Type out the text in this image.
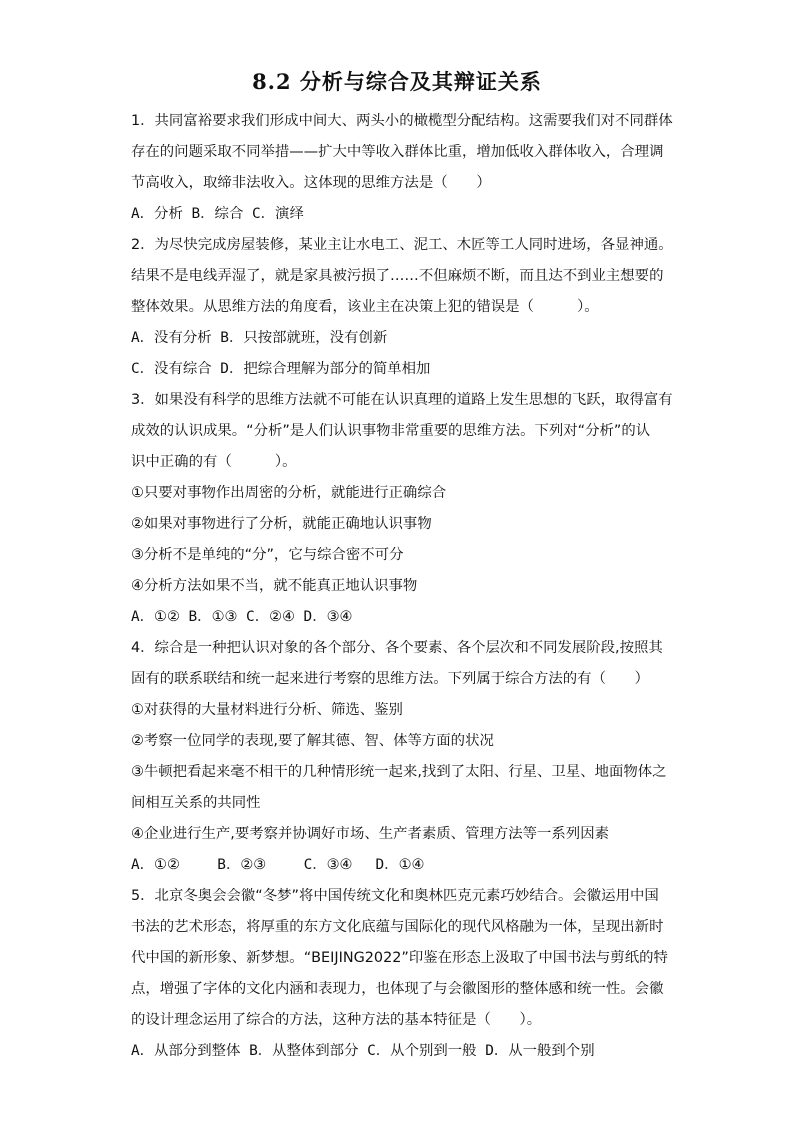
8.2 分析与综合及其辩证关系

1．共同富裕要求我们形成中间大、两头小的橄榄型分配结构。这需要我们对不同群体

存在的问题采取不同举措——扩大中等收入群体比重，增加低收入群体收入，合理调

节高收入，取缔非法收入。这体现的思维方法是（　　）

A．分析 B．综合 C．演绎

2．为尽快完成房屋装修，某业主让水电工、泥工、木匠等工人同时进场，各显神通。

结果不是电线弄湿了，就是家具被污损了……不但麻烦不断，而且达不到业主想要的

整体效果。从思维方法的角度看，该业主在决策上犯的错误是（　　　）。

A．没有分析 B．只按部就班，没有创新

C．没有综合 D．把综合理解为部分的简单相加

3．如果没有科学的思维方法就不可能在认识真理的道路上发生思想的飞跃，取得富有

成效的认识成果。“分析”是人们认识事物非常重要的思维方法。下列对“分析”的认

识中正确的有（　　　）。

①只要对事物作出周密的分析，就能进行正确综合

②如果对事物进行了分析，就能正确地认识事物

③分析不是单纯的“分”，它与综合密不可分

④分析方法如果不当，就不能真正地认识事物

A．①② B．①③ C．②④ D．③④

4．综合是一种把认识对象的各个部分、各个要素、各个层次和不同发展阶段,按照其

固有的联系联结和统一起来进行考察的思维方法。下列属于综合方法的有（　　）

①对获得的大量材料进行分析、筛选、鉴别

②考察一位同学的表现,要了解其德、智、体等方面的状况

③牛顿把看起来毫不相干的几种情形统一起来,找到了太阳、行星、卫星、地面物体之

间相互关系的共同性

④企业进行生产,要考察并协调好市场、生产者素质、管理方法等一系列因素

A．①②　　 B．②③　　 C．③④　 D．①④

5．北京冬奥会会徽“冬梦”将中国传统文化和奥林匹克元素巧妙结合。会徽运用中国

书法的艺术形态，将厚重的东方文化底蕴与国际化的现代风格融为一体，呈现出新时

代中国的新形象、新梦想。“BEIJING2022”印鉴在形态上汲取了中国书法与剪纸的特

点，增强了字体的文化内涵和表现力，也体现了与会徽图形的整体感和统一性。会徽

的设计理念运用了综合的方法，这种方法的基本特征是（　　）。

A．从部分到整体 B．从整体到部分 C．从个别到一般 D．从一般到个别
